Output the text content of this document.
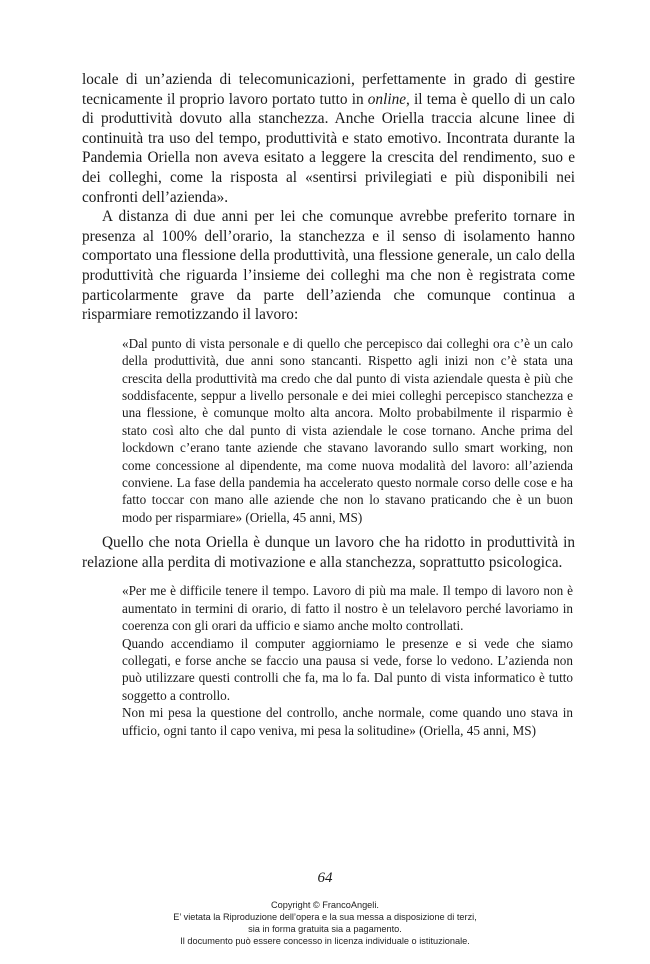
locale di un’azienda di telecomunicazioni, perfettamente in grado di gestire tecnicamente il proprio lavoro portato tutto in online, il tema è quello di un calo di produttività dovuto alla stanchezza. Anche Oriella traccia alcune linee di continuità tra uso del tempo, produttività e stato emotivo. Incontrata durante la Pandemia Oriella non aveva esitato a leggere la crescita del rendimento, suo e dei colleghi, come la risposta al «sentirsi privilegiati e più disponibili nei confronti dell’azienda».

A distanza di due anni per lei che comunque avrebbe preferito tornare in presenza al 100% dell’orario, la stanchezza e il senso di isolamento hanno comportato una flessione della produttività, una flessione generale, un calo della produttività che riguarda l’insieme dei colleghi ma che non è registrata come particolarmente grave da parte dell’azienda che comunque continua a risparmiare remotizzando il lavoro:

«Dal punto di vista personale e di quello che percepisco dai colleghi ora c’è un calo della produttività, due anni sono stancanti. Rispetto agli inizi non c’è stata una crescita della produttività ma credo che dal punto di vista aziendale questa è più che soddisfacente, seppur a livello personale e dei miei colleghi percepisco stanchezza e una flessione, è comunque molto alta ancora. Molto probabilmente il risparmio è stato così alto che dal punto di vista aziendale le cose tornano. Anche prima del lockdown c’erano tante aziende che stavano lavorando sullo smart working, non come concessione al dipendente, ma come nuova modalità del lavoro: all’azienda conviene. La fase della pandemia ha accelerato questo normale corso delle cose e ha fatto toccar con mano alle aziende che non lo stavano praticando che è un buon modo per risparmiare» (Oriella, 45 anni, MS)

Quello che nota Oriella è dunque un lavoro che ha ridotto in produttività in relazione alla perdita di motivazione e alla stanchezza, soprattutto psicologica.

«Per me è difficile tenere il tempo. Lavoro di più ma male. Il tempo di lavoro non è aumentato in termini di orario, di fatto il nostro è un telelavoro perché lavoriamo in coerenza con gli orari da ufficio e siamo anche molto controllati.

Quando accendiamo il computer aggiorniamo le presenze e si vede che siamo collegati, e forse anche se faccio una pausa si vede, forse lo vedono. L’azienda non può utilizzare questi controlli che fa, ma lo fa. Dal punto di vista informatico è tutto soggetto a controllo.

Non mi pesa la questione del controllo, anche normale, come quando uno stava in ufficio, ogni tanto il capo veniva, mi pesa la solitudine» (Oriella, 45 anni, MS)

64
Copyright © FrancoAngeli.
E’ vietata la Riproduzione dell’opera e la sua messa a disposizione di terzi,
sia in forma gratuita sia a pagamento.
Il documento può essere concesso in licenza individuale o istituzionale.
